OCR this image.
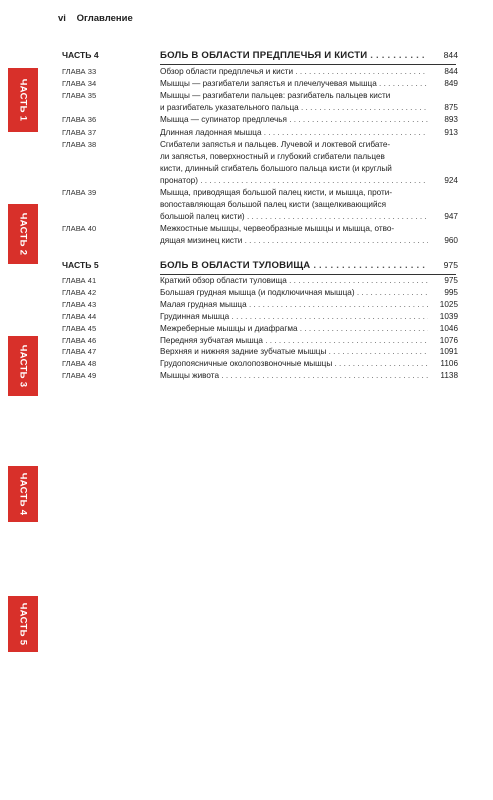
vi Оглавление
ЧАСТЬ 1
ЧАСТЬ 2
ЧАСТЬ 3
ЧАСТЬ 4
ЧАСТЬ 5
ЧАСТЬ 4	БОЛЬ В ОБЛАСТИ ПРЕДПЛЕЧЬЯ И КИСТИ . . .	844
ГЛАВА 33	Обзор области предплечья и кисти . . .	844
ГЛАВА 34	Мышцы — разгибатели запястья и плечелучевая мышца . . .	849
ГЛАВА 35	Мышцы — разгибатели пальцев: разгибатель пальцев кисти
и разгибатель указательного пальца . . .	875
ГЛАВА 36	Мышца — супинатор предплечья . . .	893
ГЛАВА 37	Длинная ладонная мышца . . .	913
ГЛАВА 38	Сгибатели запястья и пальцев. Лучевой и локтевой сгибате-
ли запястья, поверхностный и глубокий сгибатели пальцев
кисти, длинный сгибатель большого пальца кисти (и круглый
пронатор) . . .	924
ГЛАВА 39	Мышца, приводящая большой палец кисти, и мышца, проти-
вопоставляющая большой палец кисти (защелкивающийся
большой палец кисти) . . .	947
ГЛАВА 40	Межкостные мышцы, червеобразные мышцы и мышца, отво-
дящая мизинец кисти . . .	960
ЧАСТЬ 5	БОЛЬ В ОБЛАСТИ ТУЛОВИЩА . . .	975
ГЛАВА 41	Краткий обзор области туловища . . .	975
ГЛАВА 42	Большая грудная мышца (и подключичная мышца) . . .	995
ГЛАВА 43	Малая грудная мышца . . .	1025
ГЛАВА 44	Грудинная мышца . . .	1039
ГЛАВА 45	Межреберные мышцы и диафрагма . . .	1046
ГЛАВА 46	Передняя зубчатая мышца . . .	1076
ГЛАВА 47	Верхняя и нижняя задние зубчатые мышцы . . .	1091
ГЛАВА 48	Грудопоясничные околопозвоночные мышцы . . .	1106
ГЛАВА 49	Мышцы живота . . .	1138
